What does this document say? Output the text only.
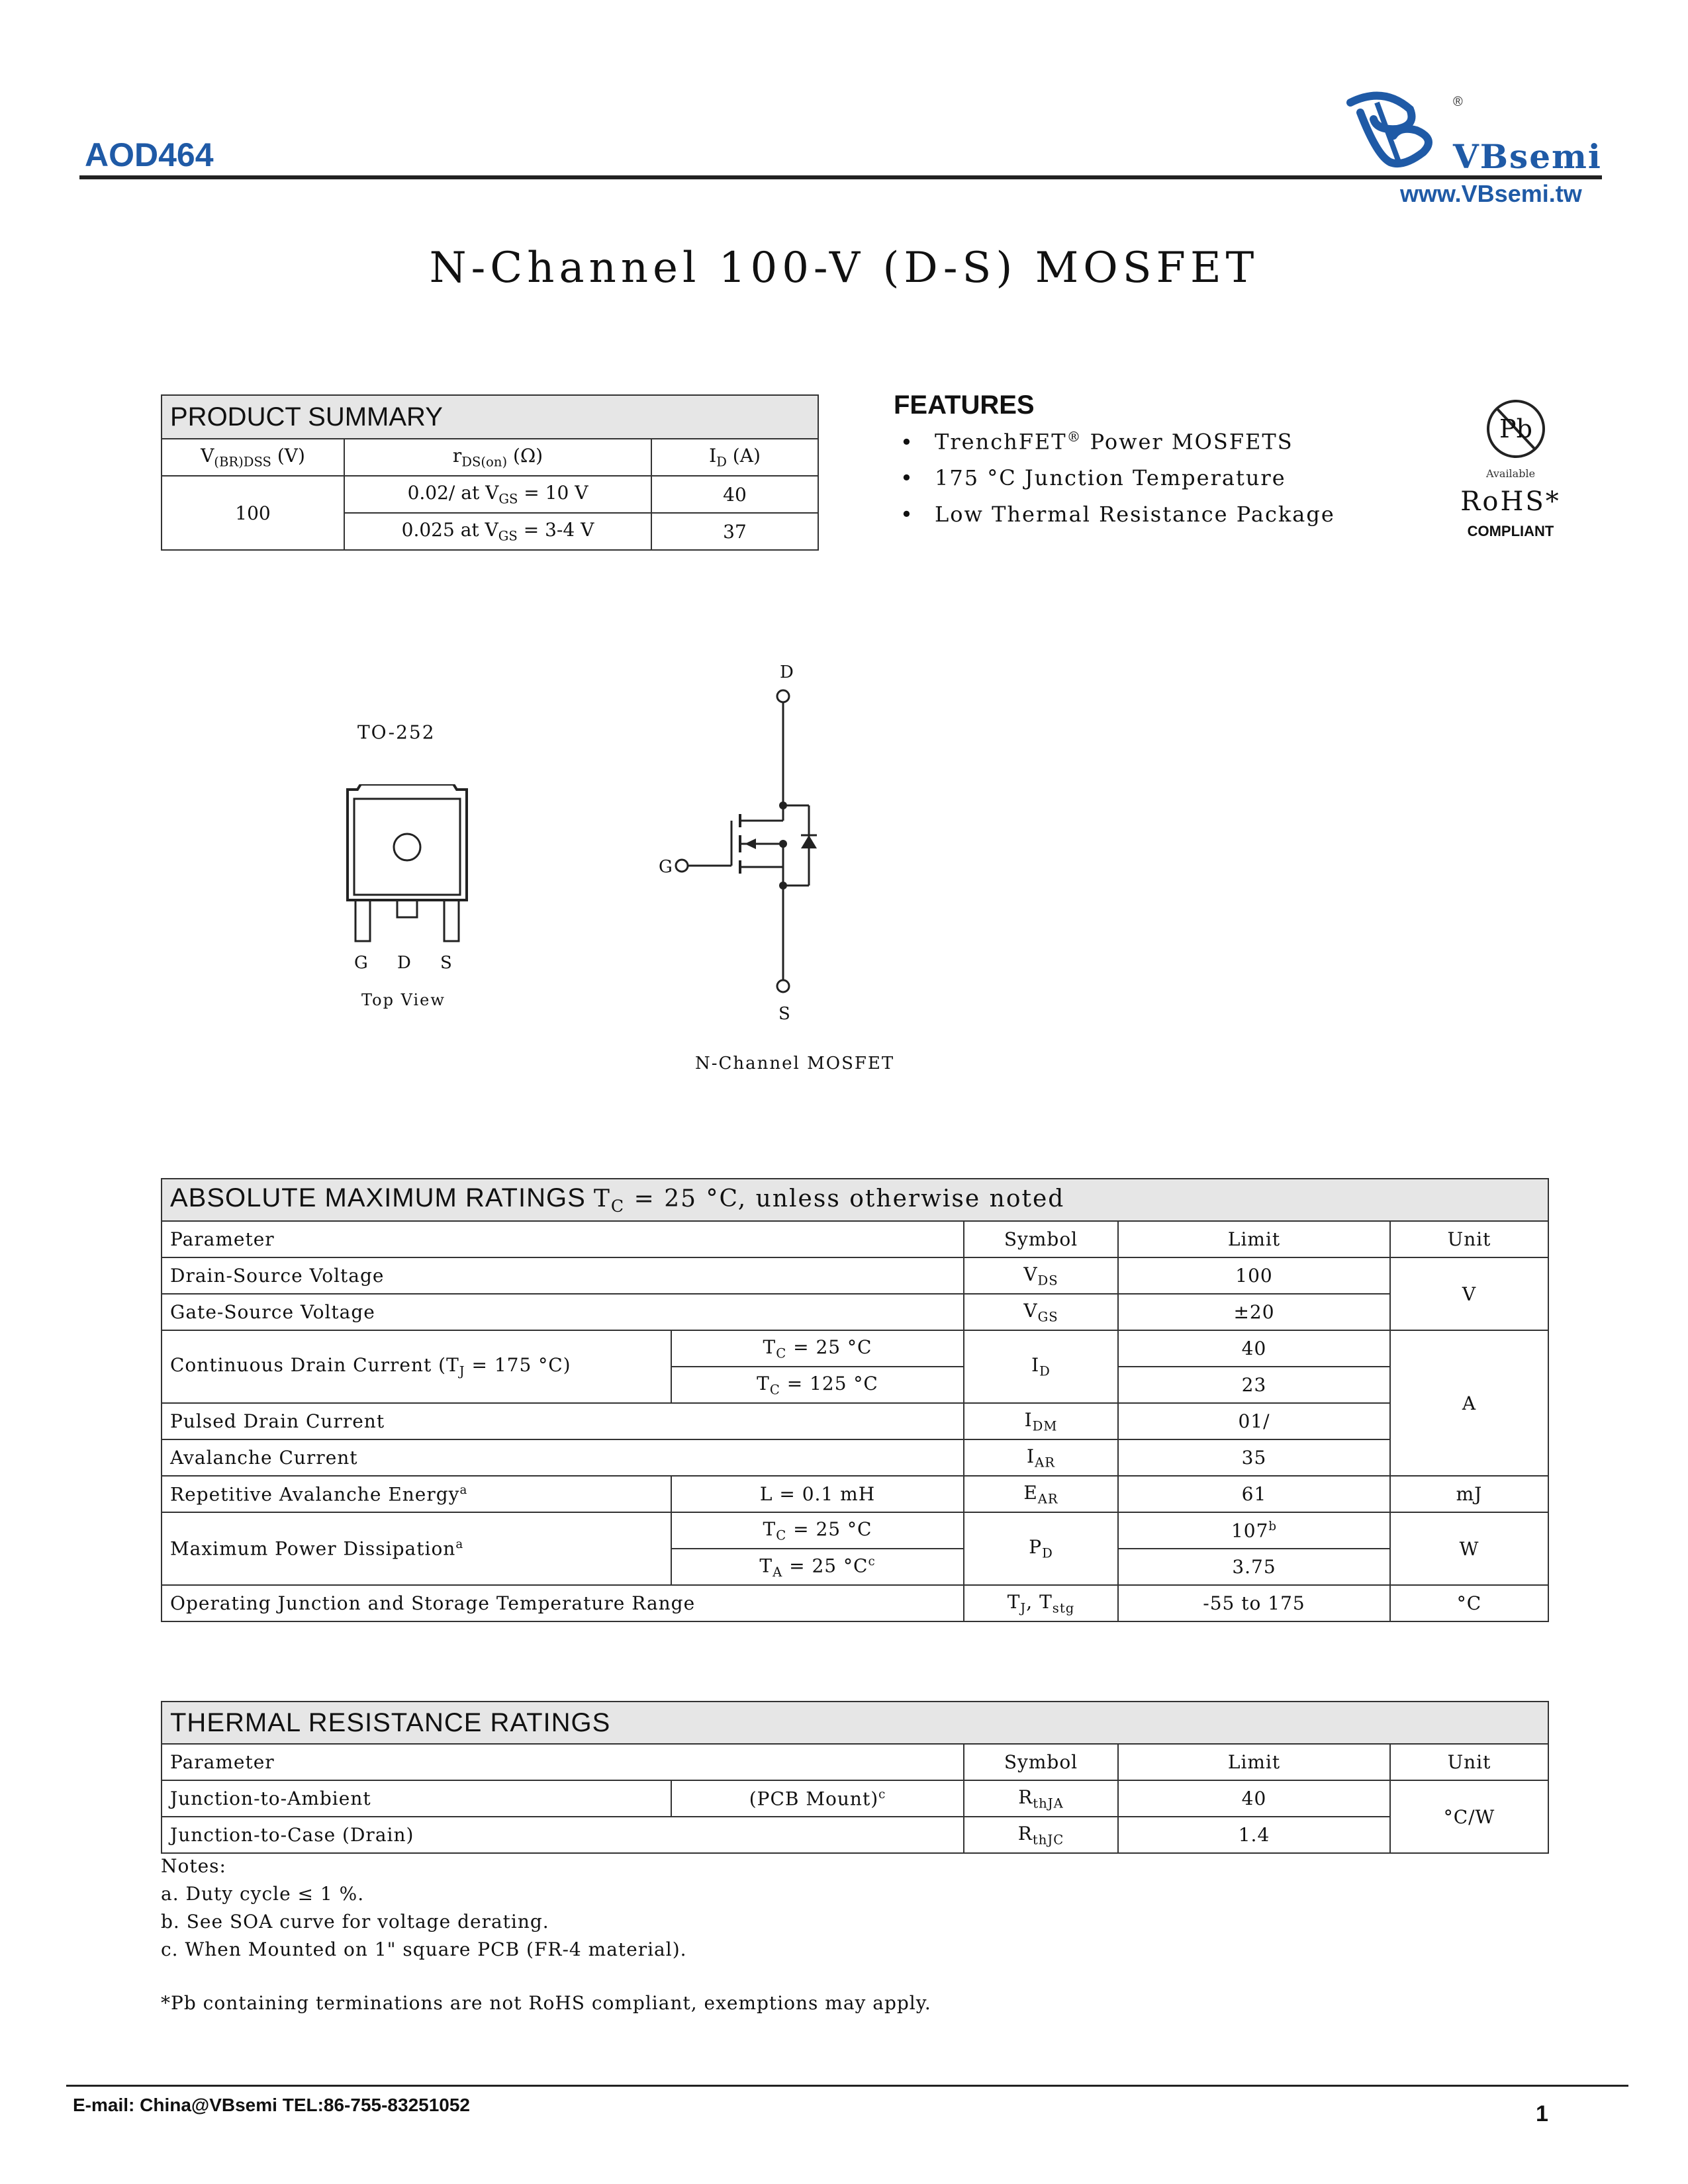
AOD464
®
VBsemi
www.VBsemi.tw
N-Channel 100-V (D-S) MOSFET
PRODUCT SUMMARY		
$V_{(BR)DSS}$ (V)	$r_{DS(on)}$ (Ω)	$I_D$ (A)
100	0.02/ at $V_{GS} = 10$ V	40
	0.025 at $V_{GS} = 3-4$ V	37
FEATURES
• TrenchFET® Power MOSFETS
• 175 °C Junction Temperature
• Low Thermal Resistance Package
Pb
Available
RoHS*
COMPLIANT
TO-252
G D S
Top View
D
G
S
N-Channel MOSFET
ABSOLUTE MAXIMUM RATINGS $T_C = 25$ °C, unless otherwise noted				
Parameter		Symbol	Limit	Unit
Drain-Source Voltage		$V_{DS}$	100	V
Gate-Source Voltage		$V_{GS}$	±20	
Continuous Drain Current ($T_J = 175$ °C)	$T_C = 25$ °C	$I_D$	40	A
	$T_C = 125$ °C		23	
Pulsed Drain Current		$I_{DM}$	01/	
Avalanche Current		$I_{AR}$	35	
Repetitive Avalanche Energy$^a$	L = 0.1 mH	$E_{AR}$	61	mJ
Maximum Power Dissipation$^a$	$T_C = 25$ °C	$P_D$	107$^b$	W
	$T_A = 25$ $^\circ C^c$		3.75	
Operating Junction and Storage Temperature Range		$T_J$, $T_{stg}$	-55 to 175	°C
THERMAL RESISTANCE RATINGS				
Parameter		Symbol	Limit	Unit
Junction-to-Ambient	(PCB Mount)$^c$	$R_{thJA}$	40	°C/W
Junction-to-Case (Drain)		$R_{thJC}$	1.4	
Notes:
a. Duty cycle ≤ 1 %.
b. See SOA curve for voltage derating.
c. When Mounted on 1" square PCB (FR-4 material).
*Pb containing terminations are not RoHS compliant, exemptions may apply.
E-mail: China@VBsemi TEL:86-755-83251052	1
